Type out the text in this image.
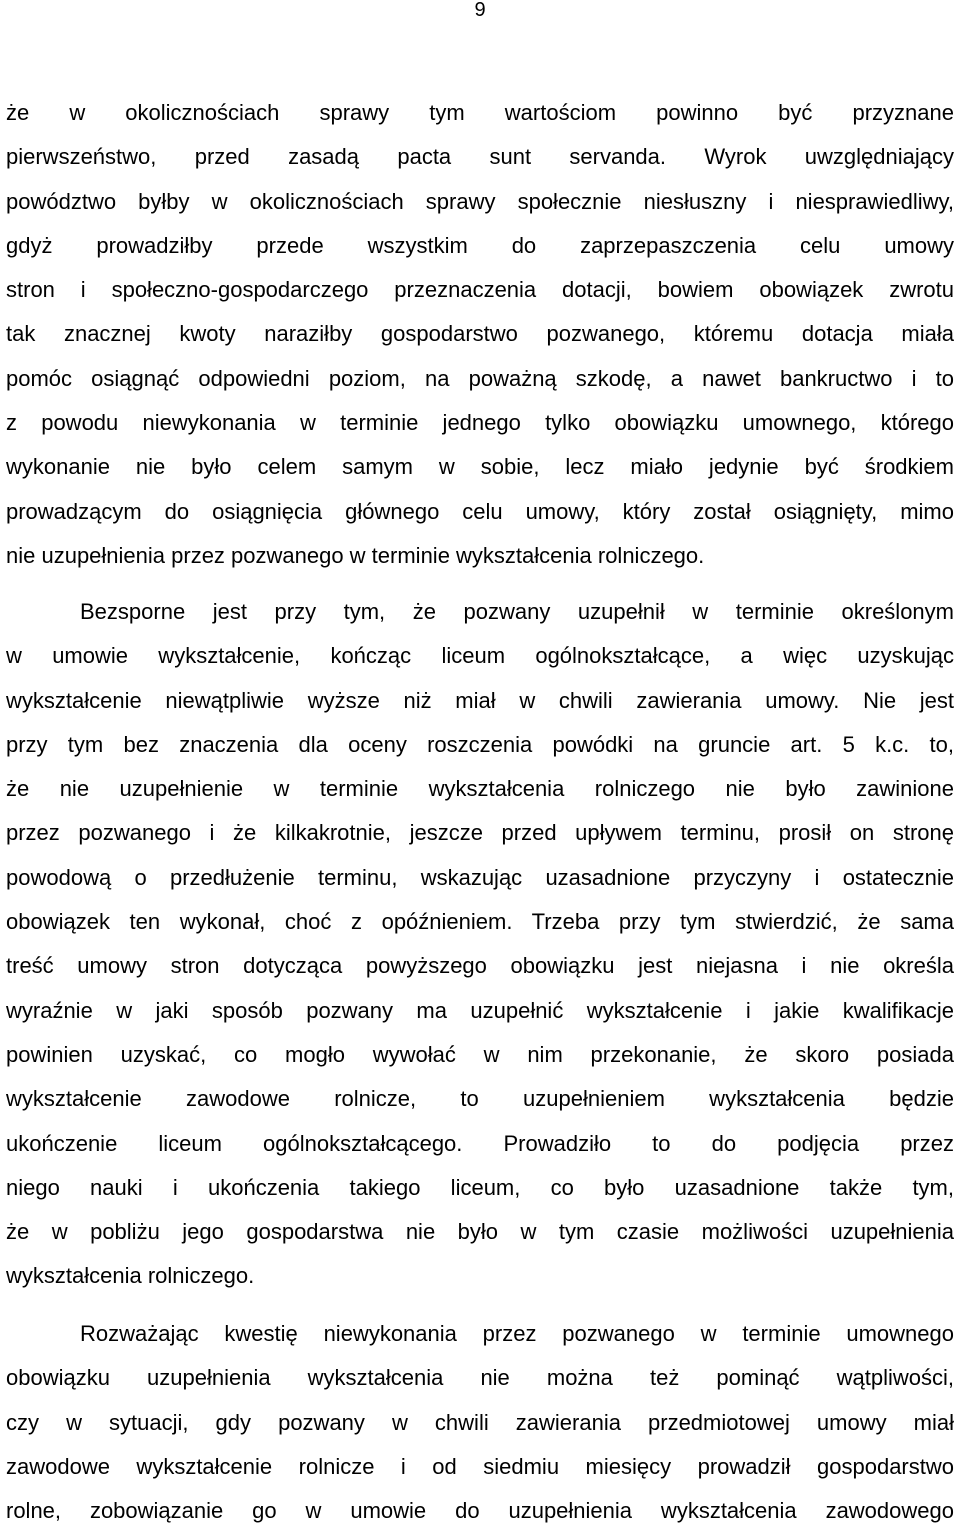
9
że w okolicznościach sprawy tym wartościom powinno być przyznane
pierwszeństwo, przed zasadą pacta sunt servanda. Wyrok uwzględniający
powództwo byłby w okolicznościach sprawy społecznie niesłuszny i niesprawiedliwy,
gdyż prowadziłby przede wszystkim do zaprzepaszczenia celu umowy
stron i społeczno-gospodarczego przeznaczenia dotacji, bowiem obowiązek zwrotu
tak znacznej kwoty naraziłby gospodarstwo pozwanego, któremu dotacja miała
pomóc osiągnąć odpowiedni poziom, na poważną szkodę, a nawet bankructwo i to
z powodu niewykonania w terminie jednego tylko obowiązku umownego, którego
wykonanie nie było celem samym w sobie, lecz miało jedynie być środkiem
prowadzącym do osiągnięcia głównego celu umowy, który został osiągnięty, mimo
nie uzupełnienia przez pozwanego w terminie wykształcenia rolniczego.
Bezsporne jest przy tym, że pozwany uzupełnił w terminie określonym
w umowie wykształcenie, kończąc liceum ogólnokształcące, a więc uzyskując
wykształcenie niewątpliwie wyższe niż miał w chwili zawierania umowy. Nie jest
przy tym bez znaczenia dla oceny roszczenia powódki na gruncie art. 5 k.c. to,
że nie uzupełnienie w terminie wykształcenia rolniczego nie było zawinione
przez pozwanego i że kilkakrotnie, jeszcze przed upływem terminu, prosił on stronę
powodową o przedłużenie terminu, wskazując uzasadnione przyczyny i ostatecznie
obowiązek ten wykonał, choć z opóźnieniem. Trzeba przy tym stwierdzić, że sama
treść umowy stron dotycząca powyższego obowiązku jest niejasna i nie określa
wyraźnie w jaki sposób pozwany ma uzupełnić wykształcenie i jakie kwalifikacje
powinien uzyskać, co mogło wywołać w nim przekonanie, że skoro posiada
wykształcenie zawodowe rolnicze, to uzupełnieniem wykształcenia będzie
ukończenie liceum ogólnokształcącego. Prowadziło to do podjęcia przez
niego nauki i ukończenia takiego liceum, co było uzasadnione także tym,
że w pobliżu jego gospodarstwa nie było w tym czasie możliwości uzupełnienia
wykształcenia rolniczego.
Rozważając kwestię niewykonania przez pozwanego w terminie umownego
obowiązku uzupełnienia wykształcenia nie można też pominąć wątpliwości,
czy w sytuacji, gdy pozwany w chwili zawierania przedmiotowej umowy miał
zawodowe wykształcenie rolnicze i od siedmiu miesięcy prowadził gospodarstwo
rolne, zobowiązanie go w umowie do uzupełnienia wykształcenia zawodowego
